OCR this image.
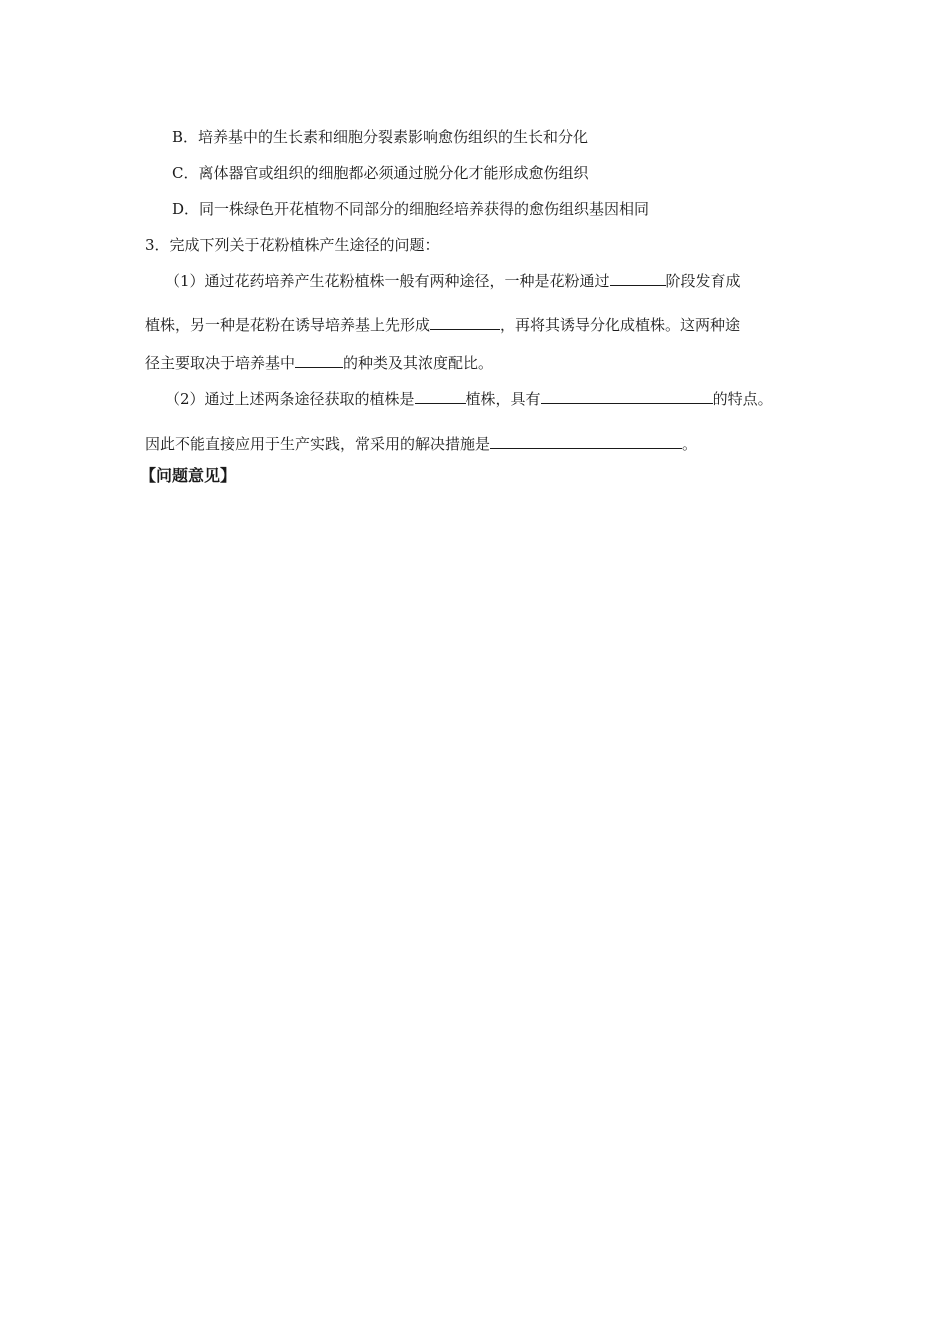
B．培养基中的生长素和细胞分裂素影响愈伤组织的生长和分化
C．离体器官或组织的细胞都必须通过脱分化才能形成愈伤组织
D．同一株绿色开花植物不同部分的细胞经培养获得的愈伤组织基因相同
3．完成下列关于花粉植株产生途径的问题：
（1）通过花药培养产生花粉植株一般有两种途径，一种是花粉通过	阶段发育成
植株，另一种是花粉在诱导培养基上先形成	，再将其诱导分化成植株。这两种途
径主要取决于培养基中	的种类及其浓度配比。
（2）通过上述两条途径获取的植株是	植株，具有	的特点。
因此不能直接应用于生产实践，常采用的解决措施是	。
【问题意见】
